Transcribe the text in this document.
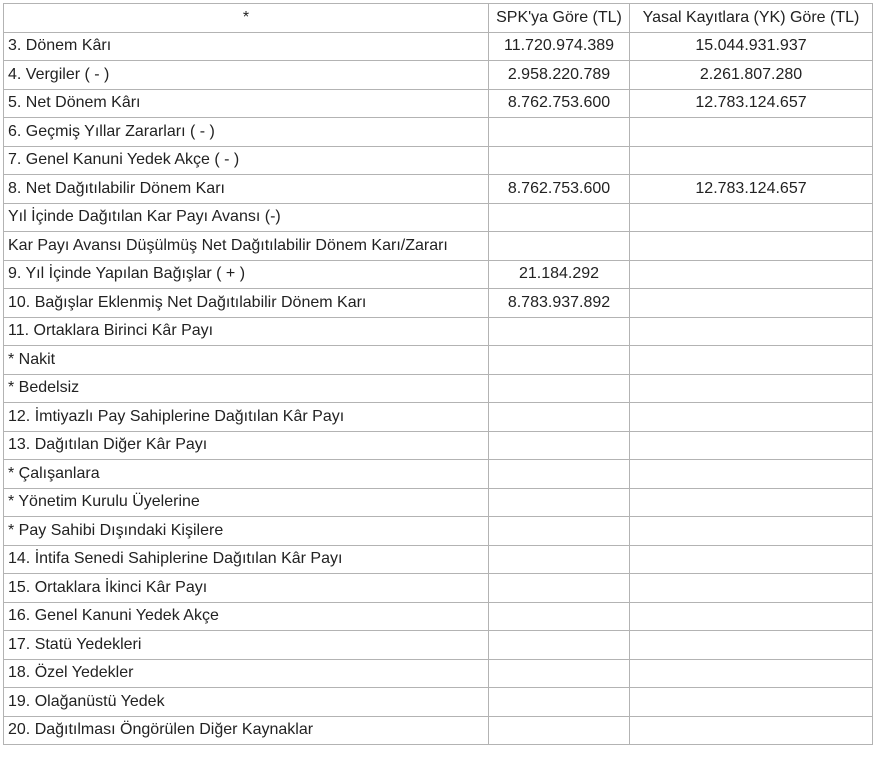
*	SPK'ya Göre (TL)	Yasal Kayıtlara (YK) Göre (TL)
3. Dönem Kârı	11.720.974.389	15.044.931.937
4. Vergiler ( - )	2.958.220.789	2.261.807.280
5. Net Dönem Kârı	8.762.753.600	12.783.124.657
6. Geçmiş Yıllar Zararları ( - )		
7. Genel Kanuni Yedek Akçe ( - )		
8. Net Dağıtılabilir Dönem Karı	8.762.753.600	12.783.124.657
Yıl İçinde Dağıtılan Kar Payı Avansı (-)		
Kar Payı Avansı Düşülmüş Net Dağıtılabilir Dönem Karı/Zararı		
9. Yıl İçinde Yapılan Bağışlar ( + )	21.184.292	
10. Bağışlar Eklenmiş Net Dağıtılabilir Dönem Karı	8.783.937.892	
11. Ortaklara Birinci Kâr Payı		
* Nakit		
* Bedelsiz		
12. İmtiyazlı Pay Sahiplerine Dağıtılan Kâr Payı		
13. Dağıtılan Diğer Kâr Payı		
* Çalışanlara		
* Yönetim Kurulu Üyelerine		
* Pay Sahibi Dışındaki Kişilere		
14. İntifa Senedi Sahiplerine Dağıtılan Kâr Payı		
15. Ortaklara İkinci Kâr Payı		
16. Genel Kanuni Yedek Akçe		
17. Statü Yedekleri		
18. Özel Yedekler		
19. Olağanüstü Yedek		
20. Dağıtılması Öngörülen Diğer Kaynaklar		
